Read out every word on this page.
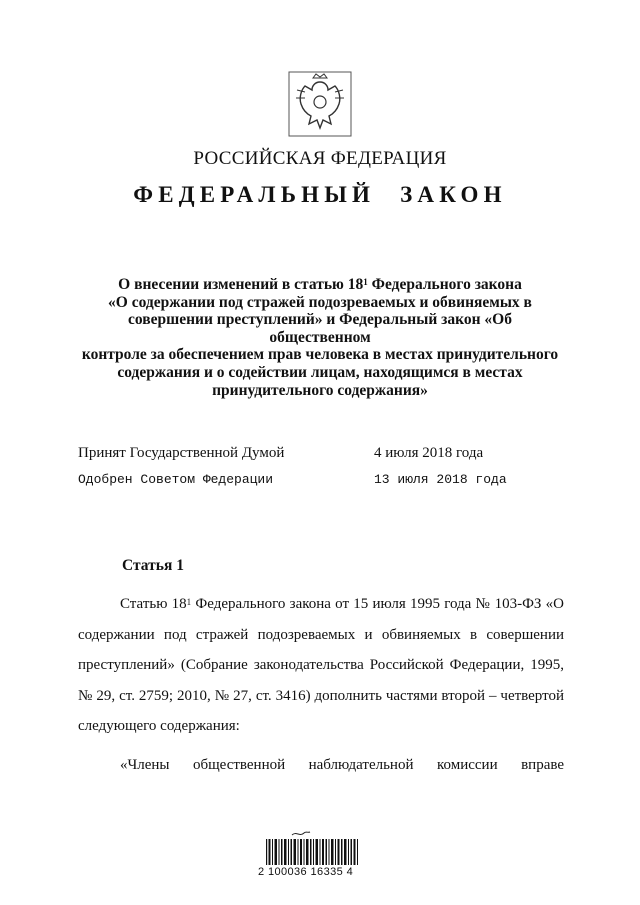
РОССИЙСКАЯ ФЕДЕРАЦИЯ
ФЕДЕРАЛЬНЫЙ ЗАКОН
О внесении изменений в статью $18^1$ Федерального закона
«О содержании под стражей подозреваемых и обвиняемых в
совершении преступлений» и Федеральный закон «Об общественном
контроле за обеспечением прав человека в местах принудительного
содержания и о содействии лицам, находящимся в местах
принудительного содержания»
Принят Государственной Думой	4 июля 2018 года
Одобрен Советом Федерации	13 июля 2018 года
Статья 1
Статью $18^1$ Федерального закона от 15 июля 1995 года № 103-ФЗ «О содержании под стражей подозреваемых и обвиняемых в совершении преступлений» (Собрание законодательства Российской Федерации, 1995, № 29, ст. 2759; 2010, № 27, ст. 3416) дополнить частями второй – четвертой следующего содержания:
«Члены общественной наблюдательной комиссии вправе
2 100036 16335 4
